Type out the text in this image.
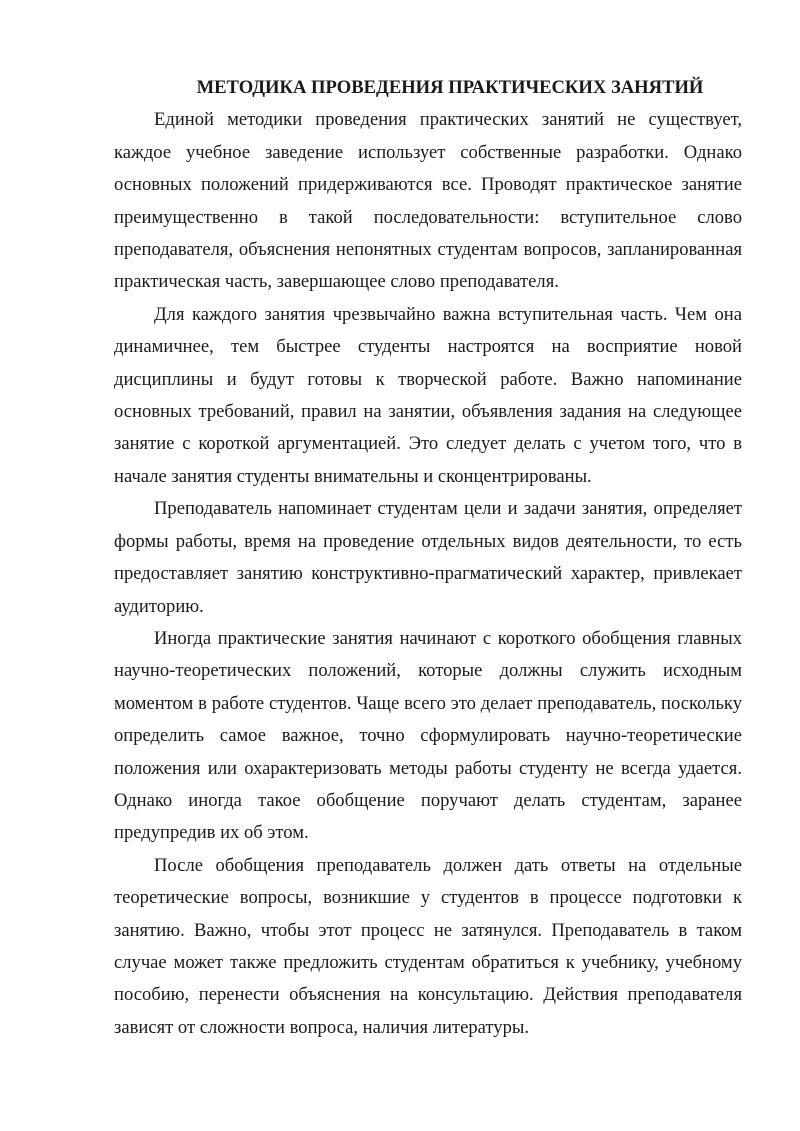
МЕТОДИКА ПРОВЕДЕНИЯ ПРАКТИЧЕСКИХ ЗАНЯТИЙ

Единой методики проведения практических занятий не существует, каждое учебное заведение использует собственные разработки. Однако основных положений придерживаются все. Проводят практическое занятие преимущественно в такой последовательности: вступительное слово преподавателя, объяснения непонятных студентам вопросов, запланированная практическая часть, завершающее слово преподавателя.

Для каждого занятия чрезвычайно важна вступительная часть. Чем она динамичнее, тем быстрее студенты настроятся на восприятие новой дисциплины и будут готовы к творческой работе. Важно напоминание основных требований, правил на занятии, объявления задания на следующее занятие с короткой аргументацией. Это следует делать с учетом того, что в начале занятия студенты внимательны и сконцентрированы.

Преподаватель напоминает студентам цели и задачи занятия, определяет формы работы, время на проведение отдельных видов деятельности, то есть предоставляет занятию конструктивно-прагматический характер, привлекает аудиторию.

Иногда практические занятия начинают с короткого обобщения главных научно-теоретических положений, которые должны служить исходным моментом в работе студентов. Чаще всего это делает преподаватель, поскольку определить самое важное, точно сформулировать научно-теоретические положения или охарактеризовать методы работы студенту не всегда удается. Однако иногда такое обобщение поручают делать студентам, заранее предупредив их об этом.

После обобщения преподаватель должен дать ответы на отдельные теоретические вопросы, возникшие у студентов в процессе подготовки к занятию. Важно, чтобы этот процесс не затянулся. Преподаватель в таком случае может также предложить студентам обратиться к учебнику, учебному пособию, перенести объяснения на консультацию. Действия преподавателя зависят от сложности вопроса, наличия литературы.
